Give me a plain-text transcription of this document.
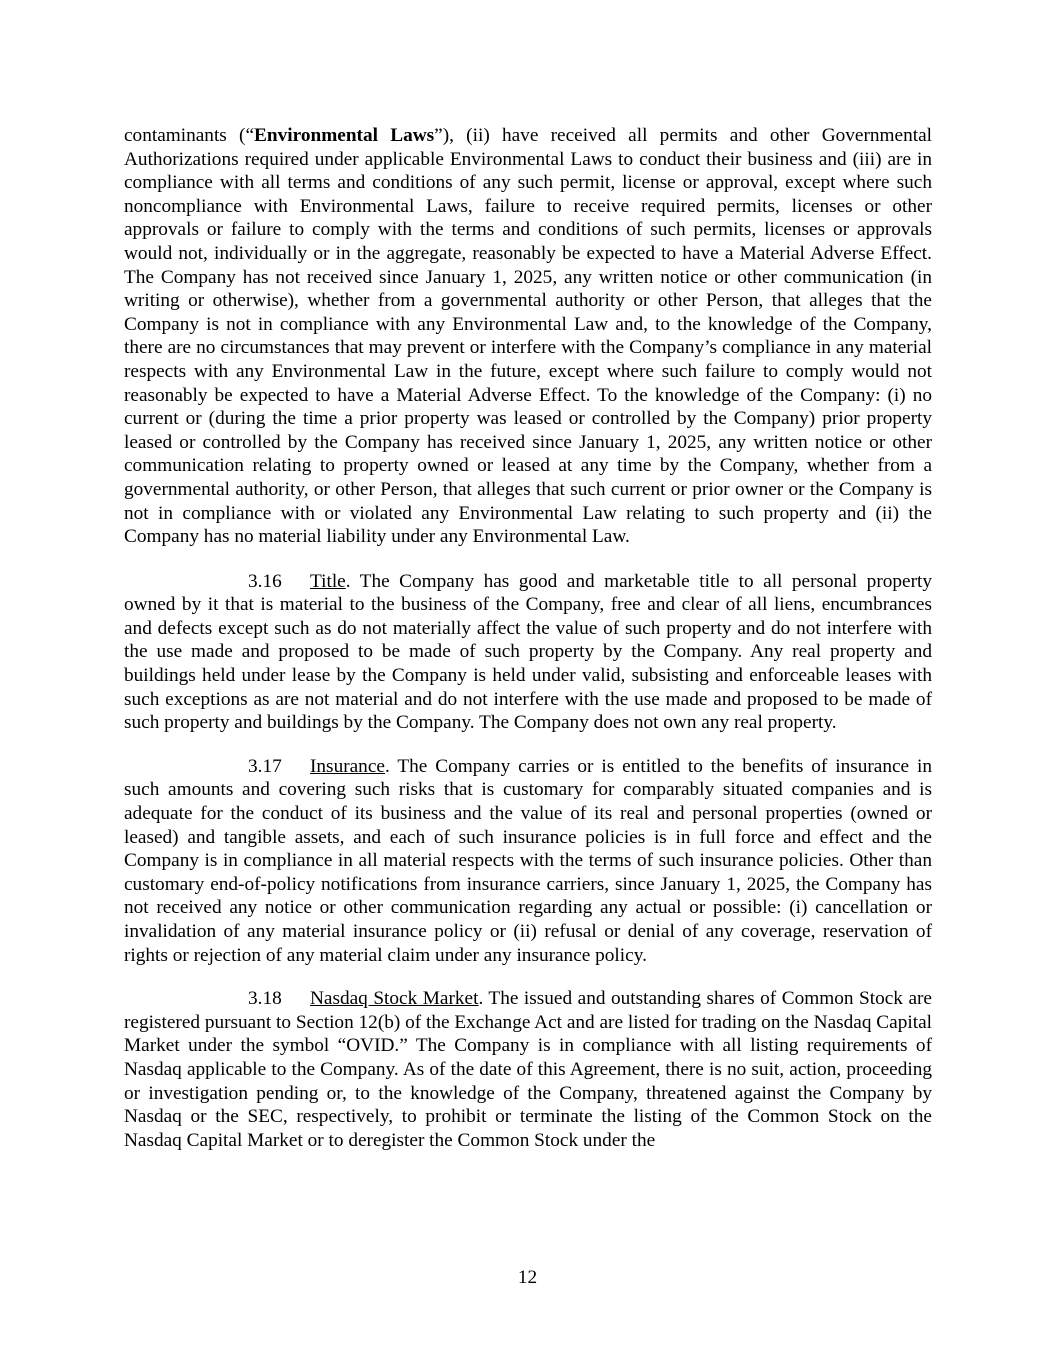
contaminants (“Environmental Laws”), (ii) have received all permits and other Governmental Authorizations required under applicable Environmental Laws to conduct their business and (iii) are in compliance with all terms and conditions of any such permit, license or approval, except where such noncompliance with Environmental Laws, failure to receive required permits, licenses or other approvals or failure to comply with the terms and conditions of such permits, licenses or approvals would not, individually or in the aggregate, reasonably be expected to have a Material Adverse Effect. The Company has not received since January 1, 2025, any written notice or other communication (in writing or otherwise), whether from a governmental authority or other Person, that alleges that the Company is not in compliance with any Environmental Law and, to the knowledge of the Company, there are no circumstances that may prevent or interfere with the Company’s compliance in any material respects with any Environmental Law in the future, except where such failure to comply would not reasonably be expected to have a Material Adverse Effect. To the knowledge of the Company: (i) no current or (during the time a prior property was leased or controlled by the Company) prior property leased or controlled by the Company has received since January 1, 2025, any written notice or other communication relating to property owned or leased at any time by the Company, whether from a governmental authority, or other Person, that alleges that such current or prior owner or the Company is not in compliance with or violated any Environmental Law relating to such property and (ii) the Company has no material liability under any Environmental Law.

3.16 Title. The Company has good and marketable title to all personal property owned by it that is material to the business of the Company, free and clear of all liens, encumbrances and defects except such as do not materially affect the value of such property and do not interfere with the use made and proposed to be made of such property by the Company. Any real property and buildings held under lease by the Company is held under valid, subsisting and enforceable leases with such exceptions as are not material and do not interfere with the use made and proposed to be made of such property and buildings by the Company. The Company does not own any real property.

3.17 Insurance. The Company carries or is entitled to the benefits of insurance in such amounts and covering such risks that is customary for comparably situated companies and is adequate for the conduct of its business and the value of its real and personal properties (owned or leased) and tangible assets, and each of such insurance policies is in full force and effect and the Company is in compliance in all material respects with the terms of such insurance policies. Other than customary end-of-policy notifications from insurance carriers, since January 1, 2025, the Company has not received any notice or other communication regarding any actual or possible: (i) cancellation or invalidation of any material insurance policy or (ii) refusal or denial of any coverage, reservation of rights or rejection of any material claim under any insurance policy.

3.18 Nasdaq Stock Market. The issued and outstanding shares of Common Stock are registered pursuant to Section 12(b) of the Exchange Act and are listed for trading on the Nasdaq Capital Market under the symbol “OVID.” The Company is in compliance with all listing requirements of Nasdaq applicable to the Company. As of the date of this Agreement, there is no suit, action, proceeding or investigation pending or, to the knowledge of the Company, threatened against the Company by Nasdaq or the SEC, respectively, to prohibit or terminate the listing of the Common Stock on the Nasdaq Capital Market or to deregister the Common Stock under the

12
